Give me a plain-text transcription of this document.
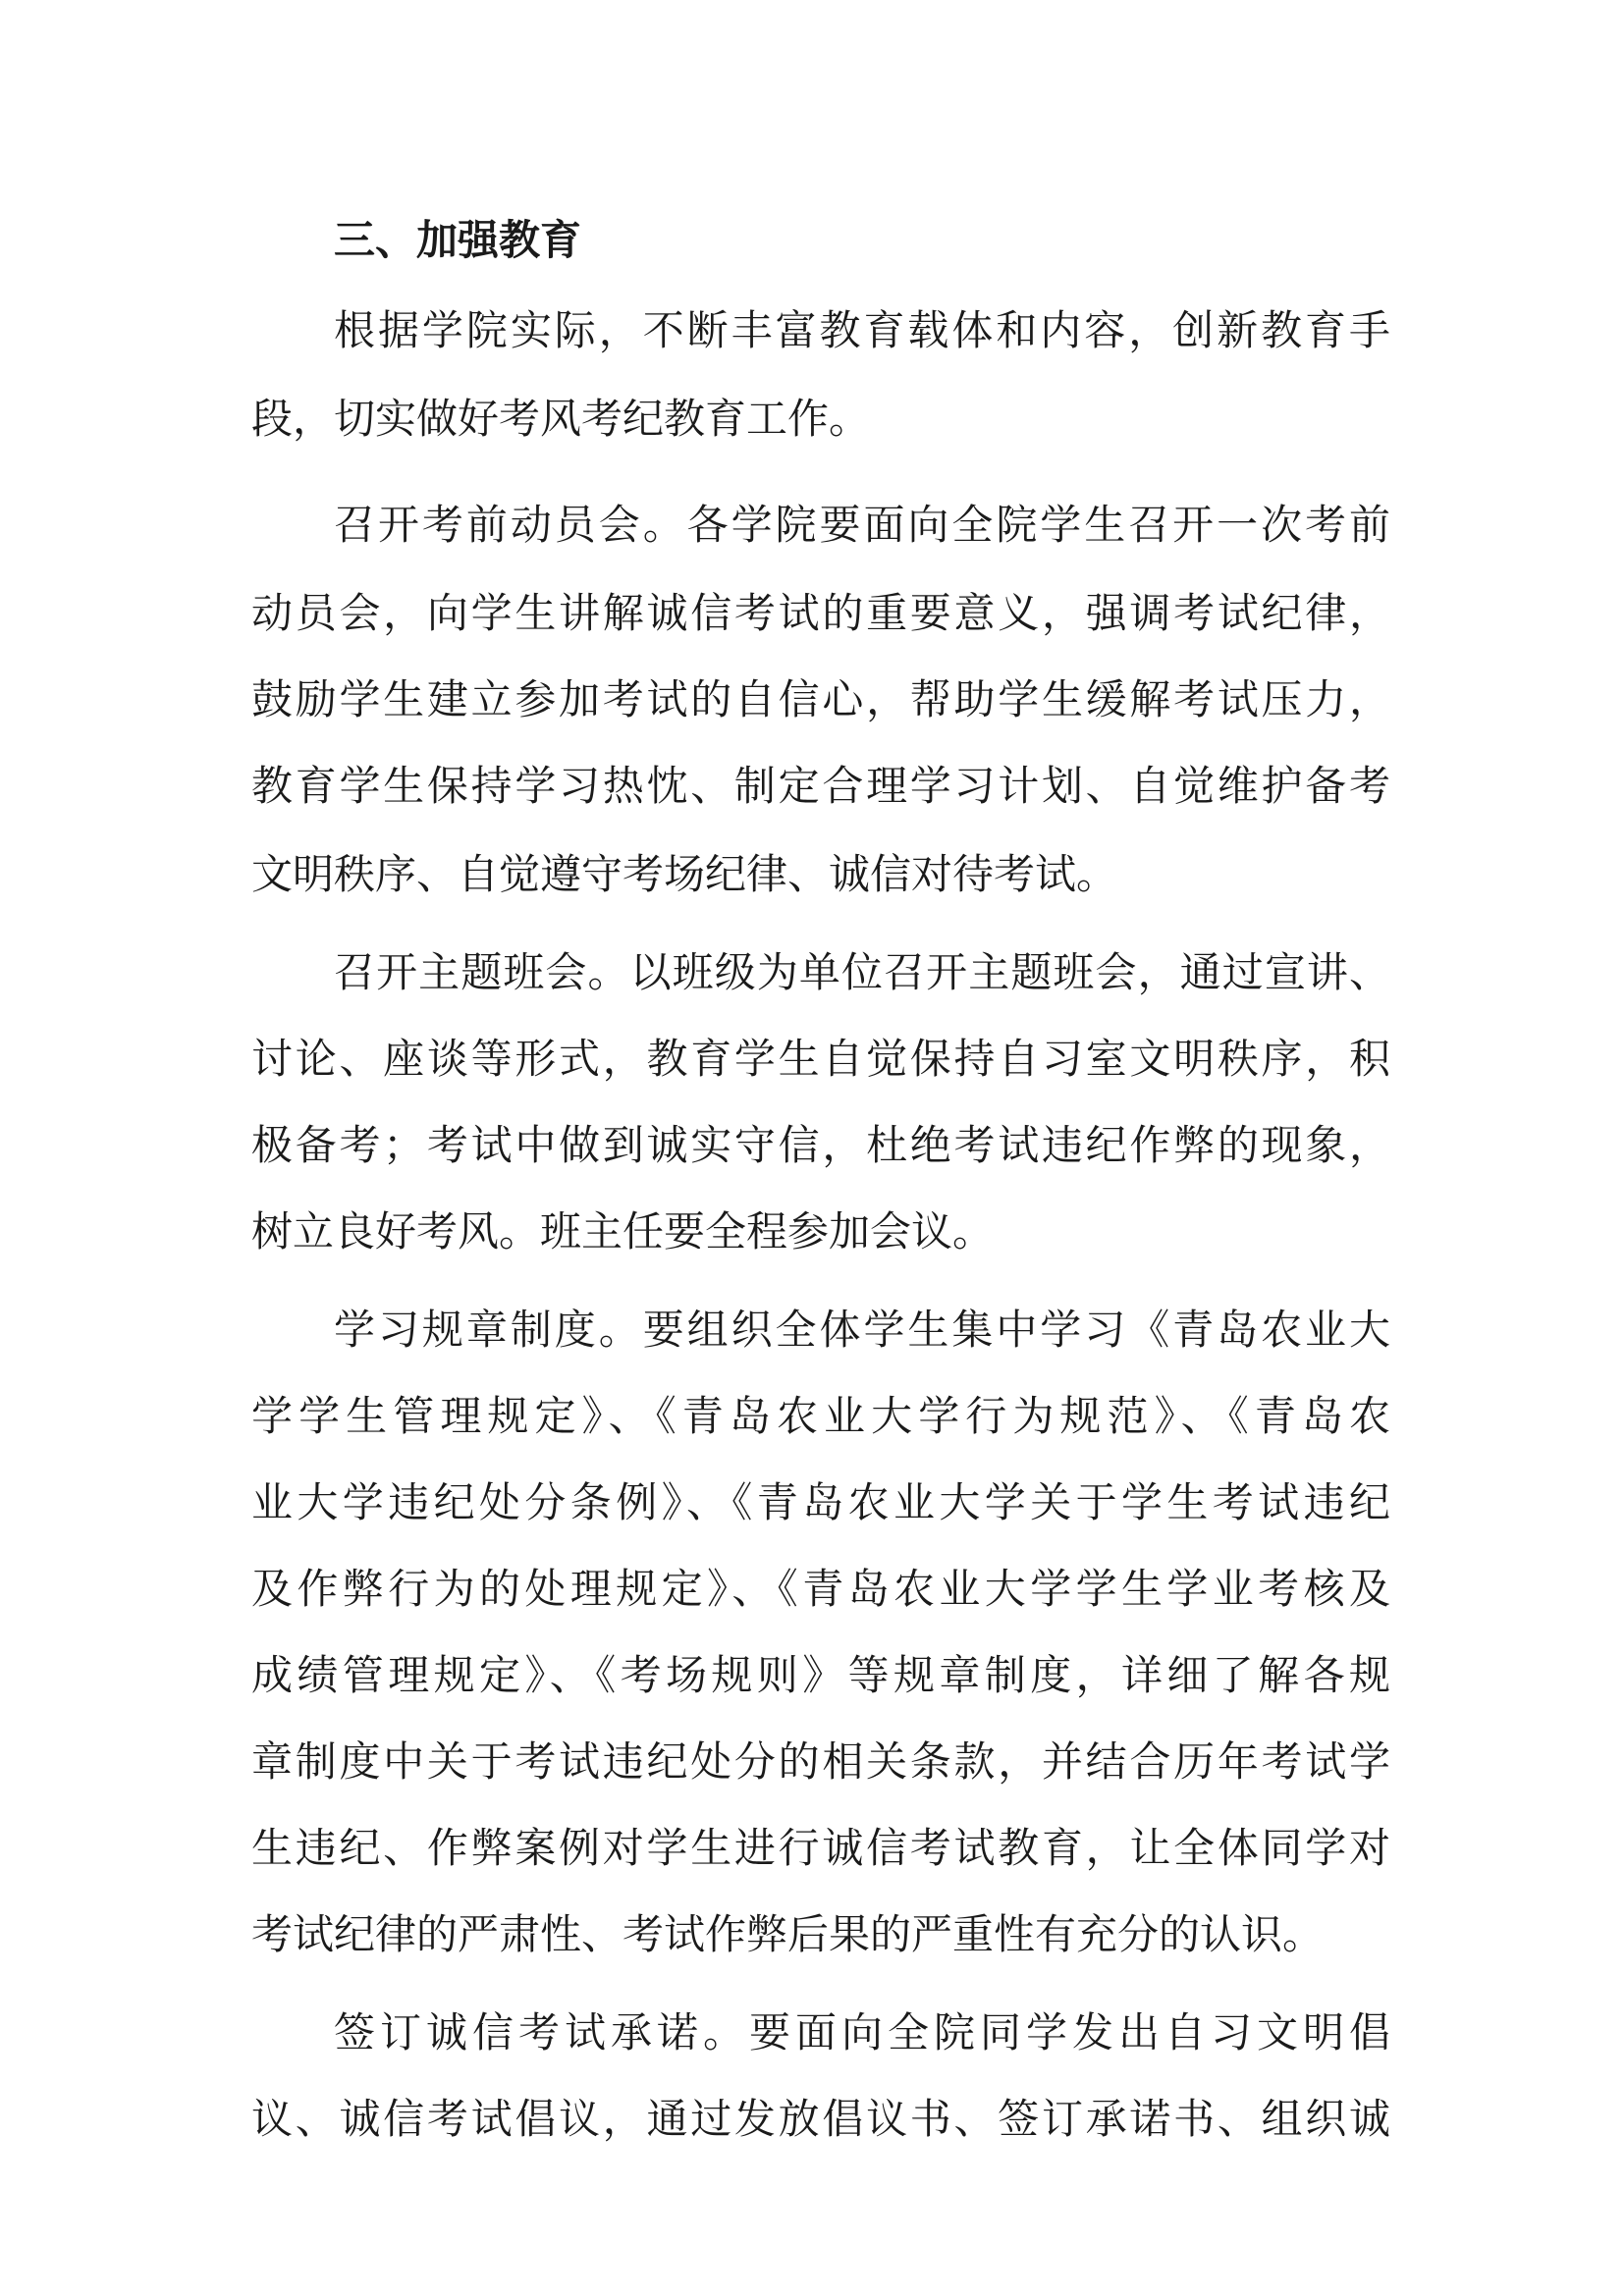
三、加强教育
根据学院实际，不断丰富教育载体和内容，创新教育手
段，切实做好考风考纪教育工作。
召开考前动员会。各学院要面向全院学生召开一次考前
动员会，向学生讲解诚信考试的重要意义，强调考试纪律，
鼓励学生建立参加考试的自信心，帮助学生缓解考试压力，
教育学生保持学习热忱、制定合理学习计划、自觉维护备考
文明秩序、自觉遵守考场纪律、诚信对待考试。
召开主题班会。以班级为单位召开主题班会，通过宣讲、
讨论、座谈等形式，教育学生自觉保持自习室文明秩序，积
极备考；考试中做到诚实守信，杜绝考试违纪作弊的现象，
树立良好考风。班主任要全程参加会议。
学习规章制度。要组织全体学生集中学习《青岛农业大
学学生管理规定》、《青岛农业大学行为规范》、《青岛农
业大学违纪处分条例》、《青岛农业大学关于学生考试违纪
及作弊行为的处理规定》、《青岛农业大学学生学业考核及
成绩管理规定》、《考场规则》等规章制度，详细了解各规
章制度中关于考试违纪处分的相关条款，并结合历年考试学
生违纪、作弊案例对学生进行诚信考试教育，让全体同学对
考试纪律的严肃性、考试作弊后果的严重性有充分的认识。
签订诚信考试承诺。要面向全院同学发出自习文明倡
议、诚信考试倡议，通过发放倡议书、签订承诺书、组织诚
